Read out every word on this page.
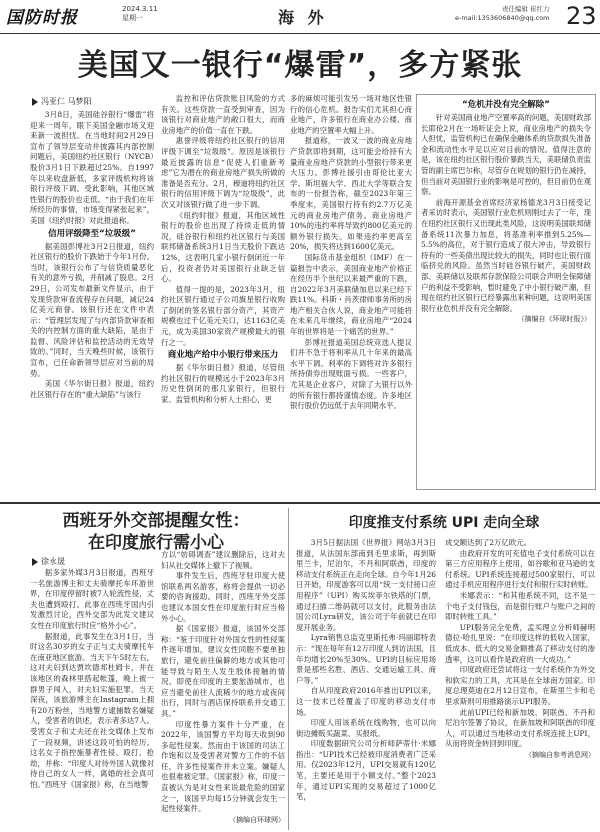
国防时报	2024.3.11
星期一	海 外	责任编辑 崔红力
e-mail:1353606840@qq.com 23
美国又一银行“爆雷”，多方紧张
冯亚仁 马梦阳

3月8日，美国硅谷银行“爆雷”将迎来一周年，眼下美国金融市场又迎来新一波担忧。在当地时间2月29日宣布了领导层变动并披露其内部控制问题后，美国纽约社区银行（NYCB）股价3月1日下跌超过25%。自1997年以来收盘新低，多家评级机构将该银行评级下调。受此影响，其他区域性银行的股价也走低。“由于我们在年所经历的事情，市场变得紧张起来”，美国《纽约时报》对此报道称。

信用评级降至“垃圾级”

据美国彭博社3月2日报道，纽约社区银行的股价下跌始于今年1月份。当时，该银行公布了与信贷质量恶化有关的意外亏损，并削减了股息。2月29日，公司发布最新文件显示，由于发现贷款审查流程存在问题，减记24亿美元商誉。该银行还在文件中表示：“管理层发现了与内部贷款审查相关的内控制方面的重大缺陷，是由于监督、风险评估和监控活动的无效导致的。”同时，当天晚些时候，该银行宣布，已任命新领导层应对当前的局势。

美国《华尔街日报》报道，纽约社区银行存在的“重大缺陷”与该行

监控和评估贷款账目风险的方式有关。这些贷款一直受到审查，因为该银行对商业地产的敞口很大，而商业房地产的价值一直在下跌。

惠誉评级将纽约社区银行的信用评级下调至“垃圾级”。原因是该银行最近披露的信息“促使人们重新考虑”它为潜在的商业房地产损失所做的准备是否充分。2月，穆迪将纽约社区银行的信用评级下调为“垃圾级”，此次又对该银行做了进一步下调。

《纽约时报》报道，其他区域性银行的股价也出现了持续走低的情况，硅谷银行和纽约社区银行与美国联邦储备系统3月1日当天股价下跌达12%，这表明几家小银行倒闭近一年后，投资者仍对美国银行业缺乏信心。

值得一提的是，2023年3月，纽约社区银行通过子公司旗星银行收购了倒闭的签名银行部分资产，其资产规模也过千亿美元关口，达1163亿美元，成为美国30家资产规模最大的银行之一。

商业地产给中小银行带来压力

据《华尔街日报》报道，尽管纽约社区银行的规模远小于2023年3月历史性倒闭的那几家银行，但银行家、监管机构和分析人士担心，更

多的麻烦可能引发另一场对地区性银行的信心危机。报告实们尤其担心商业地产，许多银行在商业办公楼、商业地产的空置率大幅上升。

报道称，一波又一波的商业房地产贷款即将到期，这可能会给持有大量商业房地产贷款的小型银行带来更大压力。彭博社援引由哥伦比亚大学、斯坦福大学、西北大学等联合发布的一份报告称，截至2023年第三季度末，美国银行持有约2.7万亿美元的商业房地产债务。商业房地产10%的违约率将导致约800亿美元的额外银行损失。如果违约率更高至20%，损失将达到1600亿美元。

国际货币基金组织（IMF）在一篇报告中表示，美国商业地产价格正在经历半个世纪以来最严重的下跌，自2022年3月美联储加息以来已经下跌11%。科斯・肖茨律师事务所的房地产相关合伙人说，商业地产可能将在未来几年继续，商业房地产“2024年的世界将是一个痛苦的世界。”

彭博社报道美国总统竞选人提议们并不急于将利率从几十年来的最高水平下调。利率的下调将对许多银行所持债券出现账面亏损。一些客户，尤其是企业客户，对除了大银行以外的所有银行都持谨慎态度。许多地区银行股价仍远低于去年同期水平。

“危机并没有完全解除”

针对美国商业地产空置率高的问题，美国财政部长耶伦2月在一场听证会上说，商业房地产的损失令人担忧，监管机构已在确保金融体系的贷款损失准备金和流动性水平足以应对目前的情况。值得注意的是，该在纽约社区银行股价暴跌当天，美联储负责监管的副主席巴尔称，尽管存在规划的银行仍在减持，但当前对美国银行业的影响是可控的，但目前仍在观察。

前海开源基金首席经济家杨德龙3月3日接受记者采访时表示，美国银行业危机则刚过去了一年，现在纽约社区银行又出现此类风险，这说明美国联邦储备系统11次暴力加息，将基准利率推到5.25%—5.5%的高位，对于银行造成了很大冲击，导致银行持有的一些美债出现比较大的损失，同时也让银行面临挤兑的风险。虽然当时硅谷银行破产，美国财政部、美联储以及联邦存款保险公司联合声明全保障储户的利益不受影响，暂时避免了中小银行破产潮，但现在纽约社区银行已经暴露出来种问题，这说明美国银行业危机并没有完全解除。

（摘编自《环球时报》）

西班牙外交部提醒女性：
在印度旅行需小心
徐永晟

据多家外媒3月3日报道，西班牙一名旅游博主和丈夫骑摩托车环游世界，在印度停留时被7人轮流性侵，丈夫也遭到殴打。此事在西班牙国内引发激烈讨论，西外交部为此发文建议女性在印度旅行时应“格外小心”。

据报道，此事发生在3月1日，当时这名30岁的女子正与丈夫骑摩托车在南亚地区旅游。当天下午5时左右，这对夫妇到达贾坎德邦杜姆卡，并在该地区的森林里搭起帐篷，晚上被一群男子闯入，对夫妇实施犯罪。当天深夜，该旅游博主在Instagram上拥有20万粉丝，当地警方逮捕数名嫌疑人，受害者的供述，表示者多达7人。受害女子和丈夫还在社交媒体上发布了一段视频，讲述这段可怕的经历。这名女子指控施暴者性侵、殴打、抢劫，并称：“印度人对待外国人就像对待自己的女人一样，离婚的社会真可怕。”西班牙《国家报》称，在当地警

方以“妨碍调查”建议删除后，这对夫妇从社交媒体上撤下了视频。

事件发生后，西班牙驻印度大使馆联系两名游客，称将会提供一切必要的咨询援助。同时，西班牙外交部也建议本国女性在印度旅行时应当格外小心。

据《国家报》报道，该国外交部称：“鉴于印度针对外国女性的性侵案件逐年增加，建议女性同胞不要单独旅行，避免前往偏僻的地方或其他可能导致与陌生人发生肢体接触的情况。即使在印度的主要旅游城市，也应当避免前往人流稀少的地方或夜间出行，同时与酒店保持联系并交通工具。”

印度性暴力案件十分严重，在2022年，该国警方平均每天收到90多起性侵案。然而由于该国的司法工作饱和以及受害者对警方工作的不信任，许多性侵案件并未立案。嫌疑人也很难被定罪。《国家报》称，印度一直被认为是对女性来说最危险的国家之一，该国平均每15分钟就会发生一起性侵案件。

（摘编自环球网）

印度推支付系统 UPI 走向全球

3月5日据法国《世界报》网站3月3日报道，从法国东部南到毛里求斯，再到斯里兰卡，尼泊尔，不丹和阿联酋，印度的移动支付系统正在走向全球。自今年1月26日开始，印度游客可以用“统一支付接口应用程序”（UPI）购买埃菲尔铁塔的门票，通过扫描二维码就可以支付，此服务由法国公司Lyra研发，该公司于年前就已在印度开展业务。

Lyra销售总监克里斯托弗·玛丽耶特表示：“现在每年有12万印度人到访法国，且年均增长20%至30%。UPI的目标应用场景是那些名胜、酒店、交通运输工具、商户等。”

自从印度政府2016年推出UPI以来，这一技术已经覆盖了印度的移动支付市场。

印度人用该系统在线购物，也可以向街边摊贩买蔬菜、买报纸。

印度数据研究公司分析师萨蒂什·米娜指出：“UPI技术已经被印度消费者广泛采用。仅2023年12月，UPI交易就有120亿笔，主要还是用于小额支付。”整个2023年，通过UPI实现的交易超过了1000亿笔，

成交额达到了2万亿欧元。

由政府开发的可充值电子支付系统可以在第三方应用程序上使用，如谷歌和亚马逊的支付系统。UPI系统连接超过500家银行，可以通过手机应用程序进行支付和银行实时转账。

米娜表示：“和其他系统不同，这不是一个电子支付钱包，而是银行账户与账户之间的即时转账工具。”

UPI服务完全免费，孟买理立分析师赫明德拉·哈扎里说：“在印度这样的低收入国家，低成本、低大的交易金额推高了移动支付的渗透率，这可以看作是政府的一大成功。”

印度政府还尝试将这一支付系统作为外交和软实力的工具，尤其是在全球南方国家。印度总理莫迪在2月12日宣布，在斯里兰卡和毛里求斯则可用推路演示UPI服务。

此前UPI已经和新加坡、阿联酋、不丹和尼泊尔签署了协议，在新加坡和阿联酋的印度人，可以通过当地移动支付系统连接上UPI，从而将资金转回到印度。

（摘编自参考消息网）
